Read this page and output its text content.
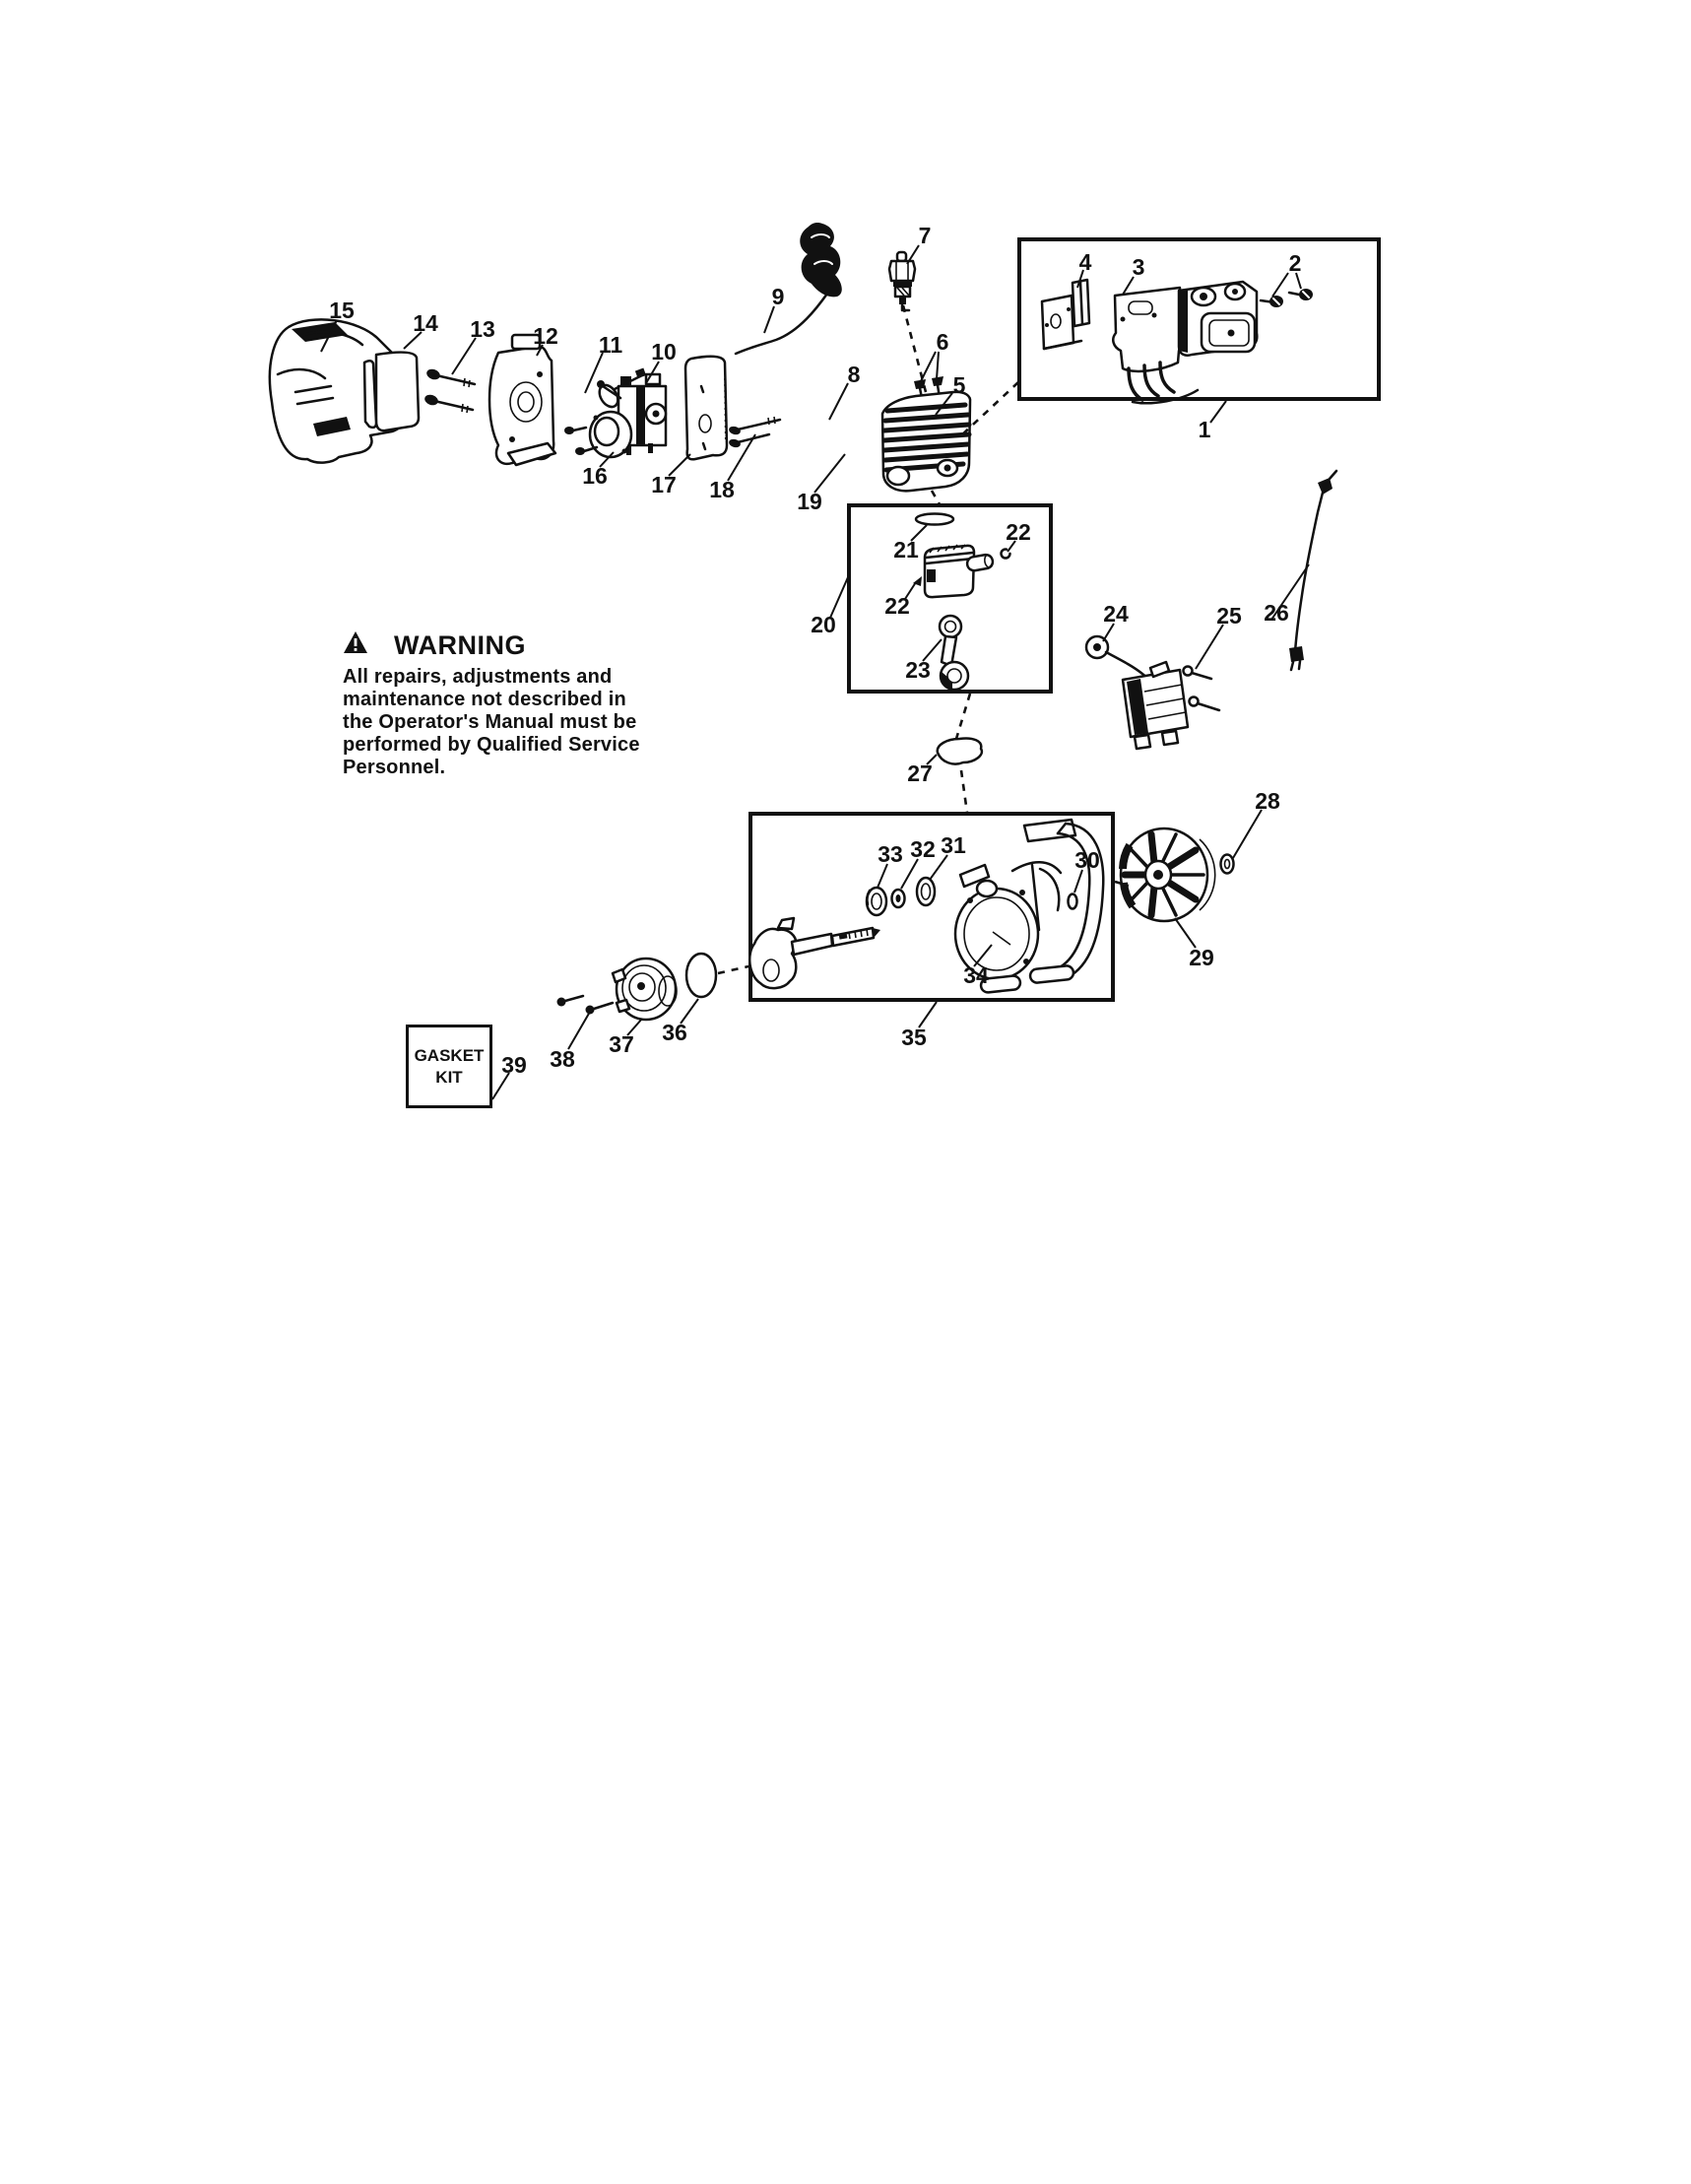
1
2
3
4
5
6
7
8
9
10
11
12
13
14
15
16 17 18	19
20
21
22
22
23
24	25 26
27
28
29
30
31
32
33
34
35
36
37
38
39
WARNING
All repairs, adjustments and
maintenance not described in
the Operator's Manual must be
performed by Qualified Service
Personnel.
GASKET
KIT
